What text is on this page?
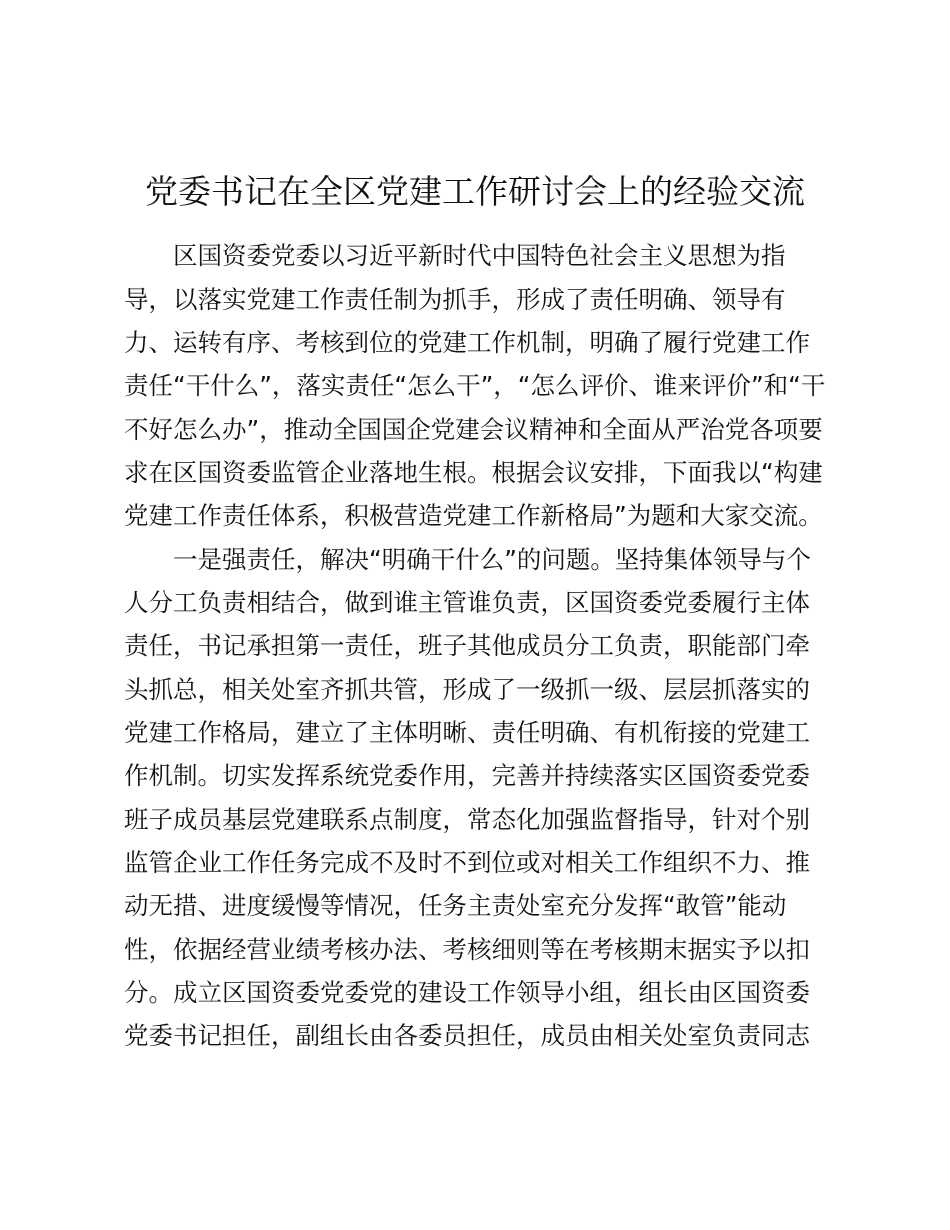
党委书记在全区党建工作研讨会上的经验交流

　　区国资委党委以习近平新时代中国特色社会主义思想为指

导，以落实党建工作责任制为抓手，形成了责任明确、领导有

力、运转有序、考核到位的党建工作机制，明确了履行党建工作

责任“干什么”，落实责任“怎么干”，“怎么评价、谁来评价”和“干

不好怎么办”，推动全国国企党建会议精神和全面从严治党各项要

求在区国资委监管企业落地生根。根据会议安排，下面我以“构建

党建工作责任体系，积极营造党建工作新格局”为题和大家交流。

　　一是强责任，解决“明确干什么”的问题。坚持集体领导与个

人分工负责相结合，做到谁主管谁负责，区国资委党委履行主体

责任，书记承担第一责任，班子其他成员分工负责，职能部门牵

头抓总，相关处室齐抓共管，形成了一级抓一级、层层抓落实的

党建工作格局，建立了主体明晰、责任明确、有机衔接的党建工

作机制。切实发挥系统党委作用，完善并持续落实区国资委党委

班子成员基层党建联系点制度，常态化加强监督指导，针对个别

监管企业工作任务完成不及时不到位或对相关工作组织不力、推

动无措、进度缓慢等情况，任务主责处室充分发挥“敢管”能动

性，依据经营业绩考核办法、考核细则等在考核期末据实予以扣

分。成立区国资委党委党的建设工作领导小组，组长由区国资委

党委书记担任，副组长由各委员担任，成员由相关处室负责同志
